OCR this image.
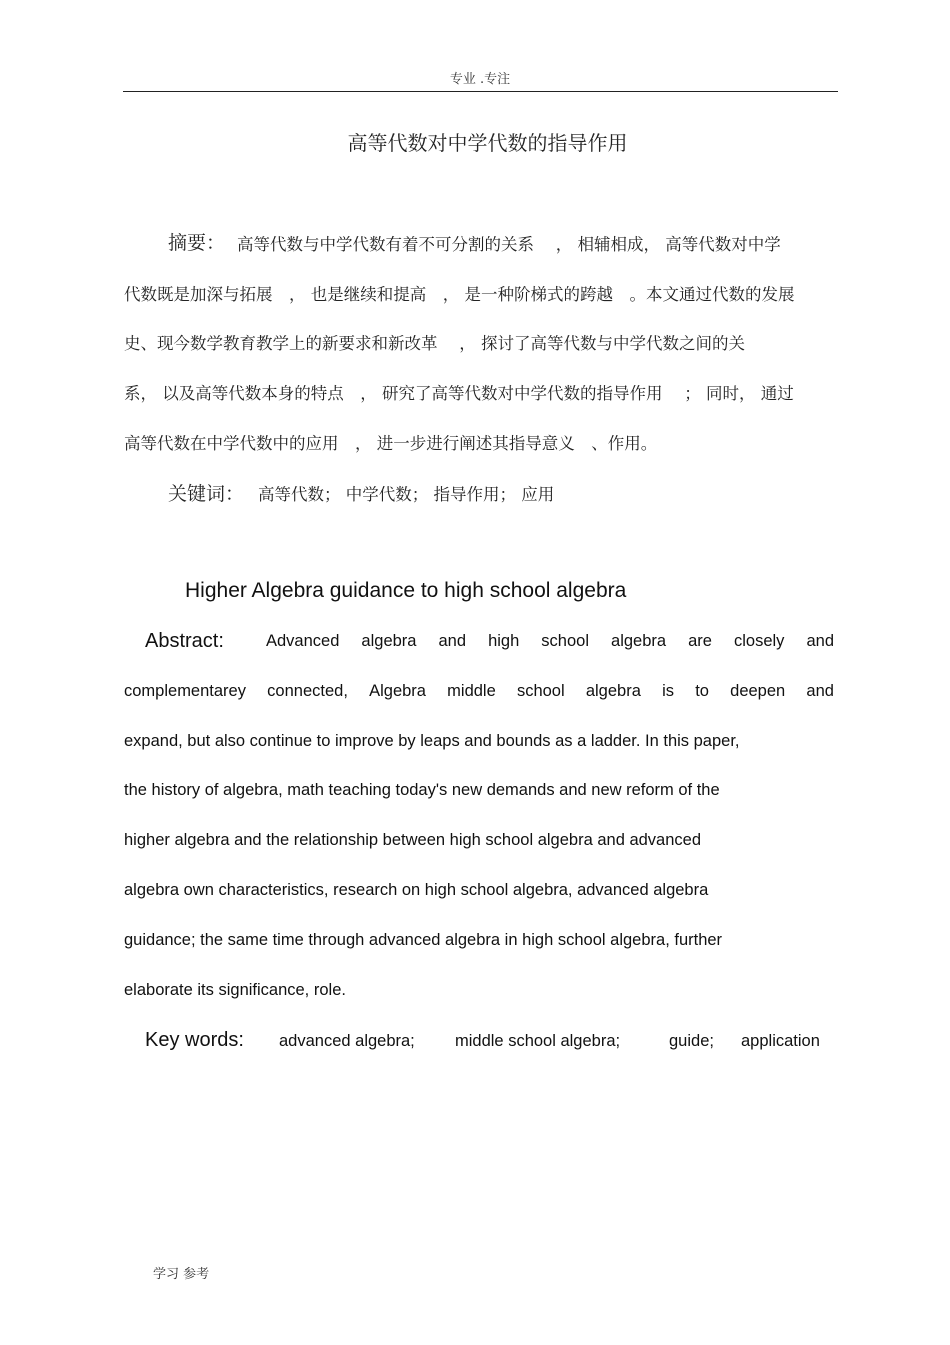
专业 .专注
高等代数对中学代数的指导作用
摘要： 高等代数与中学代数有着不可分割的关系　 ， 相辅相成， 高等代数对中学
代数既是加深与拓展　， 也是继续和提高　， 是一种阶梯式的跨越　。本文通过代数的发展
史、现今数学教育教学上的新要求和新改革　 ， 探讨了高等代数与中学代数之间的关
系， 以及高等代数本身的特点　， 研究了高等代数对中学代数的指导作用　 ； 同时， 通过
高等代数在中学代数中的应用　， 进一步进行阐述其指导意义　、作用。
关键词： 高等代数； 中学代数； 指导作用； 应用
Higher Algebra guidance to high school algebra
Abstract:	Advanced algebra and high school algebra are closely and
complementarey connected, Algebra middle school algebra is to deepen and
expand, but also continue to improve by leaps and bounds as a ladder. In this paper,
the history of algebra, math teaching today's new demands and new reform of the
higher algebra and the relationship between high school algebra and advanced
algebra own characteristics, research on high school algebra, advanced algebra
guidance; the same time through advanced algebra in high school algebra, further
elaborate its significance, role.
Key words: advanced algebra; middle school algebra;	guide; application
学习 参考
